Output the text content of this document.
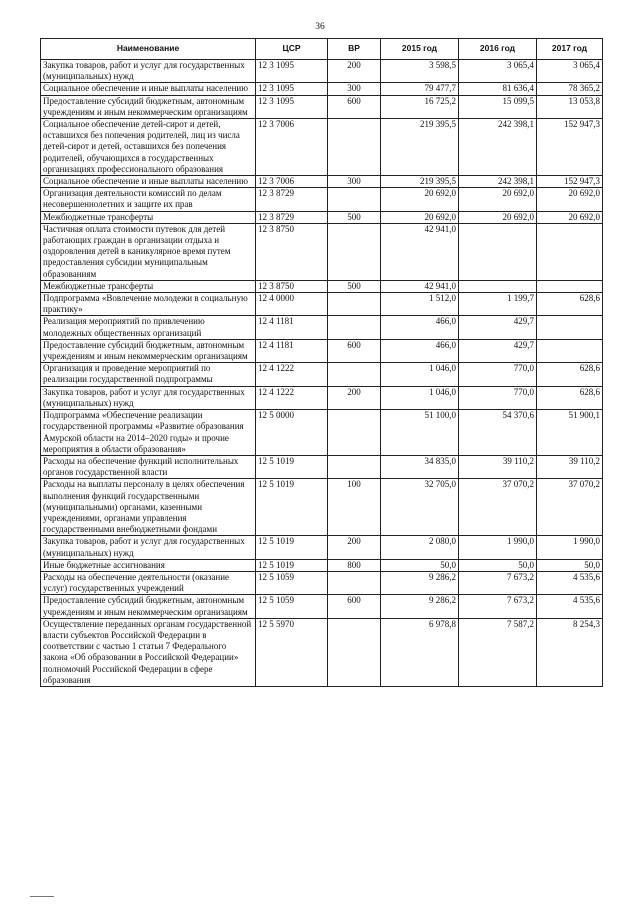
36
Наименование	ЦСР	ВР	2015 год	2016 год	2017 год
Закупка товаров, работ и услуг для государственных (муниципальных) нужд	12 3 1095	200	3 598,5	3 065,4	3 065,4
Социальное обеспечение и иные выплаты населению	12 3 1095	300	79 477,7	81 636,4	78 365,2
Предоставление субсидий бюджетным, автономным учреждениям и иным некоммерческим организациям	12 3 1095	600	16 725,2	15 099,5	13 053,8
Социальное обеспечение детей-сирот и детей, оставшихся без попечения родителей, лиц из числа детей-сирот и детей, оставшихся без попечения родителей, обучающихся в государственных организациях профессионального образования	12 3 7006		219 395,5	242 398,1	152 947,3
Социальное обеспечение и иные выплаты населению	12 3 7006	300	219 395,5	242 398,1	152 947,3
Организация деятельности комиссий по делам несовершеннолетних и защите их прав	12 3 8729		20 692,0	20 692,0	20 692,0
Межбюджетные трансферты	12 3 8729	500	20 692,0	20 692,0	20 692,0
Частичная оплата стоимости путевок для детей работающих граждан в организации отдыха и оздоровления детей в каникулярное время путем предоставления субсидии муниципальным образованиям	12 3 8750		42 941,0		
Межбюджетные трансферты	12 3 8750	500	42 941,0		
Подпрограмма «Вовлечение молодежи в социальную практику»	12 4 0000		1 512,0	1 199,7	628,6
Реализация мероприятий по привлечению молодежных общественных организаций	12 4 1181		466,0	429,7	
Предоставление субсидий бюджетным, автономным учреждениям и иным некоммерческим организациям	12 4 1181	600	466,0	429,7	
Организация и проведение мероприятий по реализации государственной подпрограммы	12 4 1222		1 046,0	770,0	628,6
Закупка товаров, работ и услуг для государственных (муниципальных) нужд	12 4 1222	200	1 046,0	770,0	628,6
Подпрограмма «Обеспечение реализации государственной программы «Развитие образования Амурской области на 2014–2020 годы» и прочие мероприятия в области образования»	12 5 0000		51 100,0	54 370,6	51 900,1
Расходы на обеспечение функций исполнительных органов государственной власти	12 5 1019		34 835,0	39 110,2	39 110,2
Расходы на выплаты персоналу в целях обеспечения выполнения функций государственными (муниципальными) органами, казенными учреждениями, органами управления государственными внебюджетными фондами	12 5 1019	100	32 705,0	37 070,2	37 070,2
Закупка товаров, работ и услуг для государственных (муниципальных) нужд	12 5 1019	200	2 080,0	1 990,0	1 990,0
Иные бюджетные ассигнования	12 5 1019	800	50,0	50,0	50,0
Расходы на обеспечение деятельности (оказание услуг) государственных учреждений	12 5 1059		9 286,2	7 673,2	4 535,6
Предоставление субсидий бюджетным, автономным учреждениям и иным некоммерческим организациям	12 5 1059	600	9 286,2	7 673,2	4 535,6
Осуществление переданных органам государственной власти субъектов Российской Федерации в соответствии с частью 1 статьи 7 Федерального закона «Об образовании в Российской Федерации» полномочий Российской Федерации в сфере образования	12 5 5970		6 978,8	7 587,2	8 254,3
